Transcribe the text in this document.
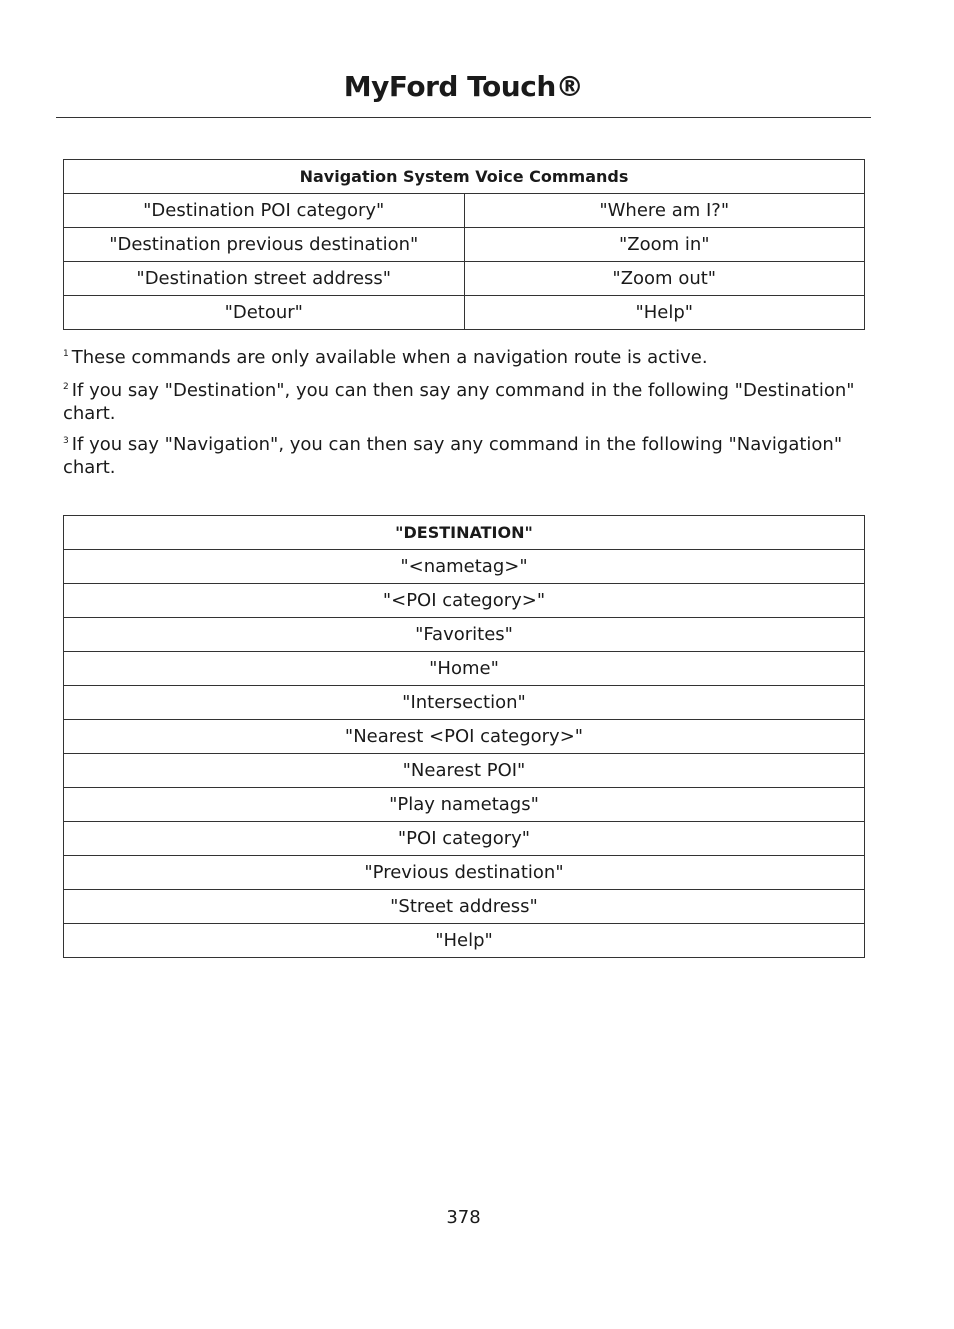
MyFord Touch®
Navigation System Voice Commands	
"Destination POI category"	"Where am I?"
"Destination previous destination"	"Zoom in"
"Destination street address"	"Zoom out"
"Detour"	"Help"

$^1$ These commands are only available when a navigation route is active.

$^2$ If you say "Destination", you can then say any command in the following "Destination" chart.

$^3$ If you say "Navigation", you can then say any command in the following "Navigation" chart.

"DESTINATION"
"<nametag>"
"<POI category>"
"Favorites"
"Home"
"Intersection"
"Nearest <POI category>"
"Nearest POI"
"Play nametags"
"POI category"
"Previous destination"
"Street address"
"Help"
378
